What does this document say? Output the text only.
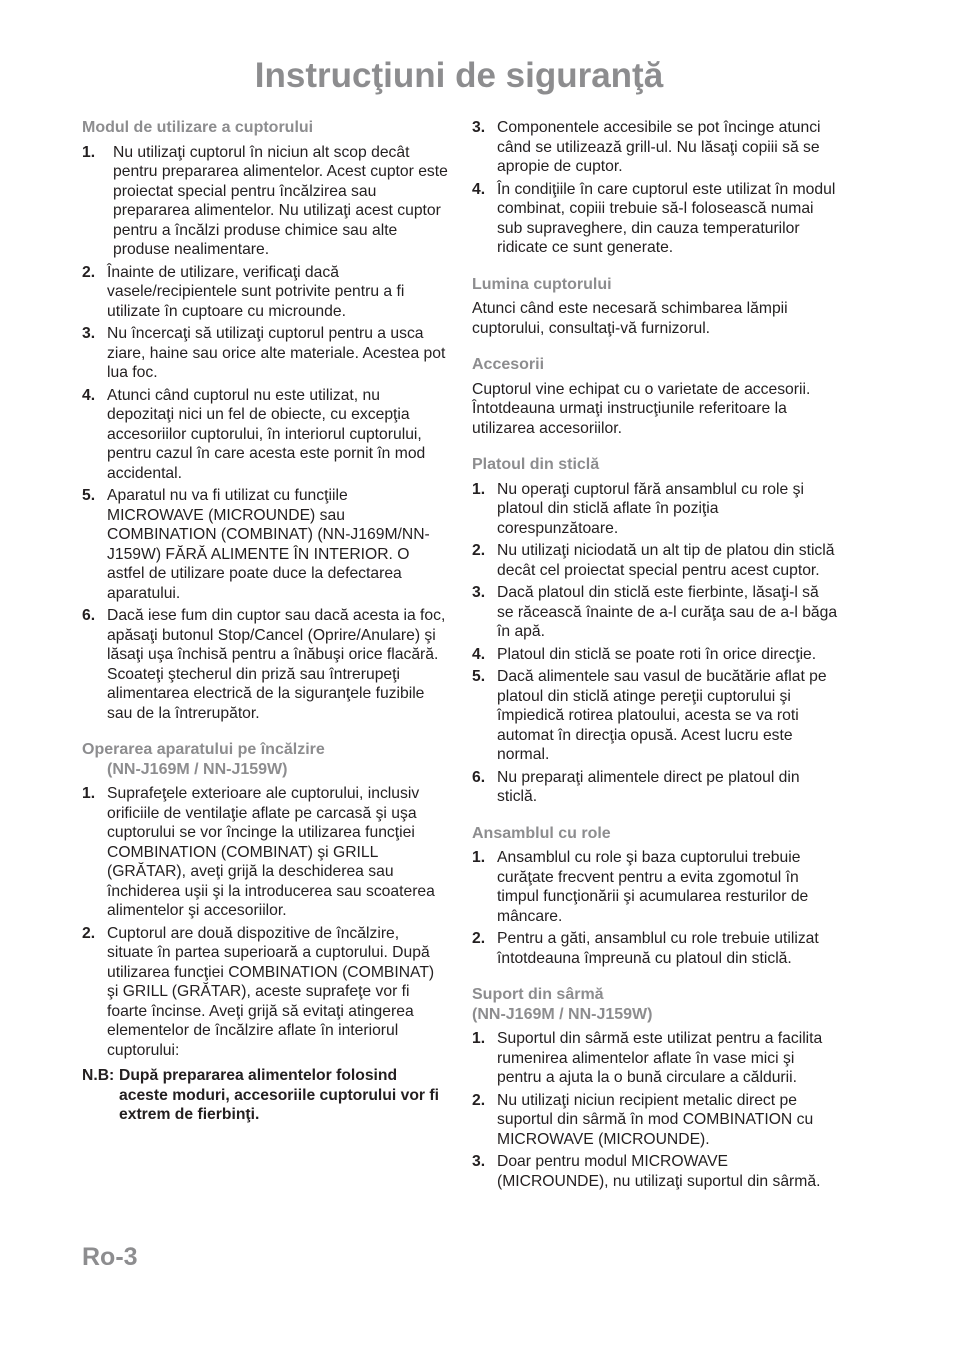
Instrucţiuni de siguranţă
Modul de utilizare a cuptorului
1. Nu utilizaţi cuptorul în niciun alt scop decât pentru prepararea alimentelor. Acest cuptor este proiectat special pentru încălzirea sau prepararea alimentelor. Nu utilizaţi acest cuptor pentru a încălzi produse chimice sau alte produse nealimentare.
2. Înainte de utilizare, verificaţi dacă vasele/recipientele sunt potrivite pentru a fi utilizate în cuptoare cu microunde.
3. Nu încercaţi să utilizaţi cuptorul pentru a usca ziare, haine sau orice alte materiale. Acestea pot lua foc.
4. Atunci când cuptorul nu este utilizat, nu depozitaţi nici un fel de obiecte, cu excepţia accesoriilor cuptorului, în interiorul cuptorului, pentru cazul în care acesta este pornit în mod accidental.
5. Aparatul nu va fi utilizat cu funcţiile MICROWAVE (MICROUNDE) sau COMBINATION (COMBINAT) (NN-J169M/NN-J159W) FĂRĂ ALIMENTE ÎN INTERIOR. O astfel de utilizare poate duce la defectarea aparatului.
6. Dacă iese fum din cuptor sau dacă acesta ia foc, apăsaţi butonul Stop/Cancel (Oprire/Anulare) şi lăsaţi uşa închisă pentru a înăbuşi orice flacără. Scoateţi ştecherul din priză sau întrerupeţi alimentarea electrică de la siguranţele fuzibile sau de la întrerupător.
Operarea aparatului pe încălzire
(NN-J169M / NN-J159W)
1. Suprafeţele exterioare ale cuptorului, inclusiv orificiile de ventilaţie aflate pe carcasă şi uşa cuptorului se vor încinge la utilizarea funcţiei COMBINATION (COMBINAT) şi GRILL (GRĂTAR), aveţi grijă la deschiderea sau închiderea uşii şi la introducerea sau scoaterea alimentelor şi accesoriilor.
2. Cuptorul are două dispozitive de încălzire, situate în partea superioară a cuptorului. După utilizarea funcţiei COMBINATION (COMBINAT) şi GRILL (GRĂTAR), aceste suprafeţe vor fi foarte încinse. Aveţi grijă să evitaţi atingerea elementelor de încălzire aflate în interiorul cuptorului:
N.B: După prepararea alimentelor folosind aceste moduri, accesoriile cuptorului vor fi extrem de fierbinţi.
3. Componentele accesibile se pot încinge atunci când se utilizează grill-ul. Nu lăsaţi copiii să se apropie de cuptor.
4. În condiţiile în care cuptorul este utilizat în modul combinat, copiii trebuie să-l folosească numai sub supraveghere, din cauza temperaturilor ridicate ce sunt generate.
Lumina cuptorului

Atunci când este necesară schimbarea lămpii cuptorului, consultaţi-vă furnizorul.

Accesorii

Cuptorul vine echipat cu o varietate de accesorii. Întotdeauna urmaţi instrucţiunile referitoare la utilizarea accesoriilor.

Platoul din sticlă
1. Nu operaţi cuptorul fără ansamblul cu role şi platoul din sticlă aflate în poziţia corespunzătoare.
2. Nu utilizaţi niciodată un alt tip de platou din sticlă decât cel proiectat special pentru acest cuptor.
3. Dacă platoul din sticlă este fierbinte, lăsaţi-l să se răcească înainte de a-l curăţa sau de a-l băga în apă.
4. Platoul din sticlă se poate roti în orice direcţie.
5. Dacă alimentele sau vasul de bucătărie aflat pe platoul din sticlă atinge pereţii cuptorului şi împiedică rotirea platoului, acesta se va roti automat în direcţia opusă. Acest lucru este normal.
6. Nu preparaţi alimentele direct pe platoul din sticlă.
Ansamblul cu role
1. Ansamblul cu role şi baza cuptorului trebuie curăţate frecvent pentru a evita zgomotul în timpul funcţionării şi acumularea resturilor de mâncare.
2. Pentru a găti, ansamblul cu role trebuie utilizat întotdeauna împreună cu platoul din sticlă.
Suport din sârmă
(NN-J169M / NN-J159W)
1. Suportul din sârmă este utilizat pentru a facilita rumenirea alimentelor aflate în vase mici şi pentru a ajuta la o bună circulare a căldurii.
2. Nu utilizaţi niciun recipient metalic direct pe suportul din sârmă în mod COMBINATION cu MICROWAVE (MICROUNDE).
3. Doar pentru modul MICROWAVE (MICROUNDE), nu utilizaţi suportul din sârmă.
Ro-3
